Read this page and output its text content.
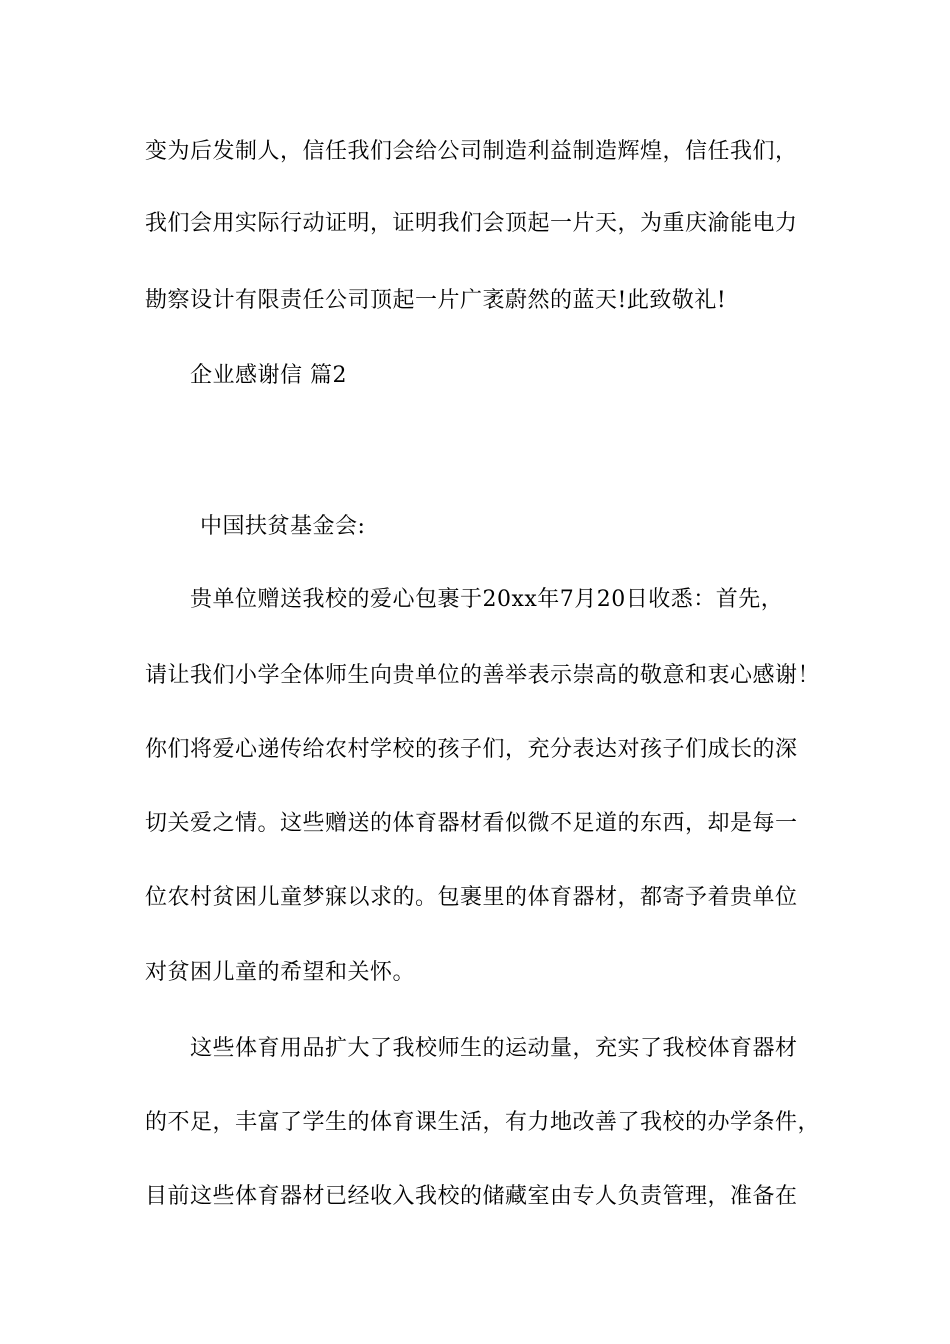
变为后发制人，信任我们会给公司制造利益制造辉煌，信任我们，
我们会用实际行动证明，证明我们会顶起一片天，为重庆渝能电力
勘察设计有限责任公司顶起一片广袤蔚然的蓝天!此致敬礼!
企业感谢信 篇2
中国扶贫基金会:
贵单位赠送我校的爱心包裹于20xx年7月20日收悉：首先，
请让我们小学全体师生向贵单位的善举表示崇高的敬意和衷心感谢！
你们将爱心递传给农村学校的孩子们，充分表达对孩子们成长的深
切关爱之情。这些赠送的体育器材看似微不足道的东西，却是每一
位农村贫困儿童梦寐以求的。包裹里的体育器材，都寄予着贵单位
对贫困儿童的希望和关怀。
这些体育用品扩大了我校师生的运动量，充实了我校体育器材
的不足，丰富了学生的体育课生活，有力地改善了我校的办学条件，
目前这些体育器材已经收入我校的储藏室由专人负责管理，准备在
